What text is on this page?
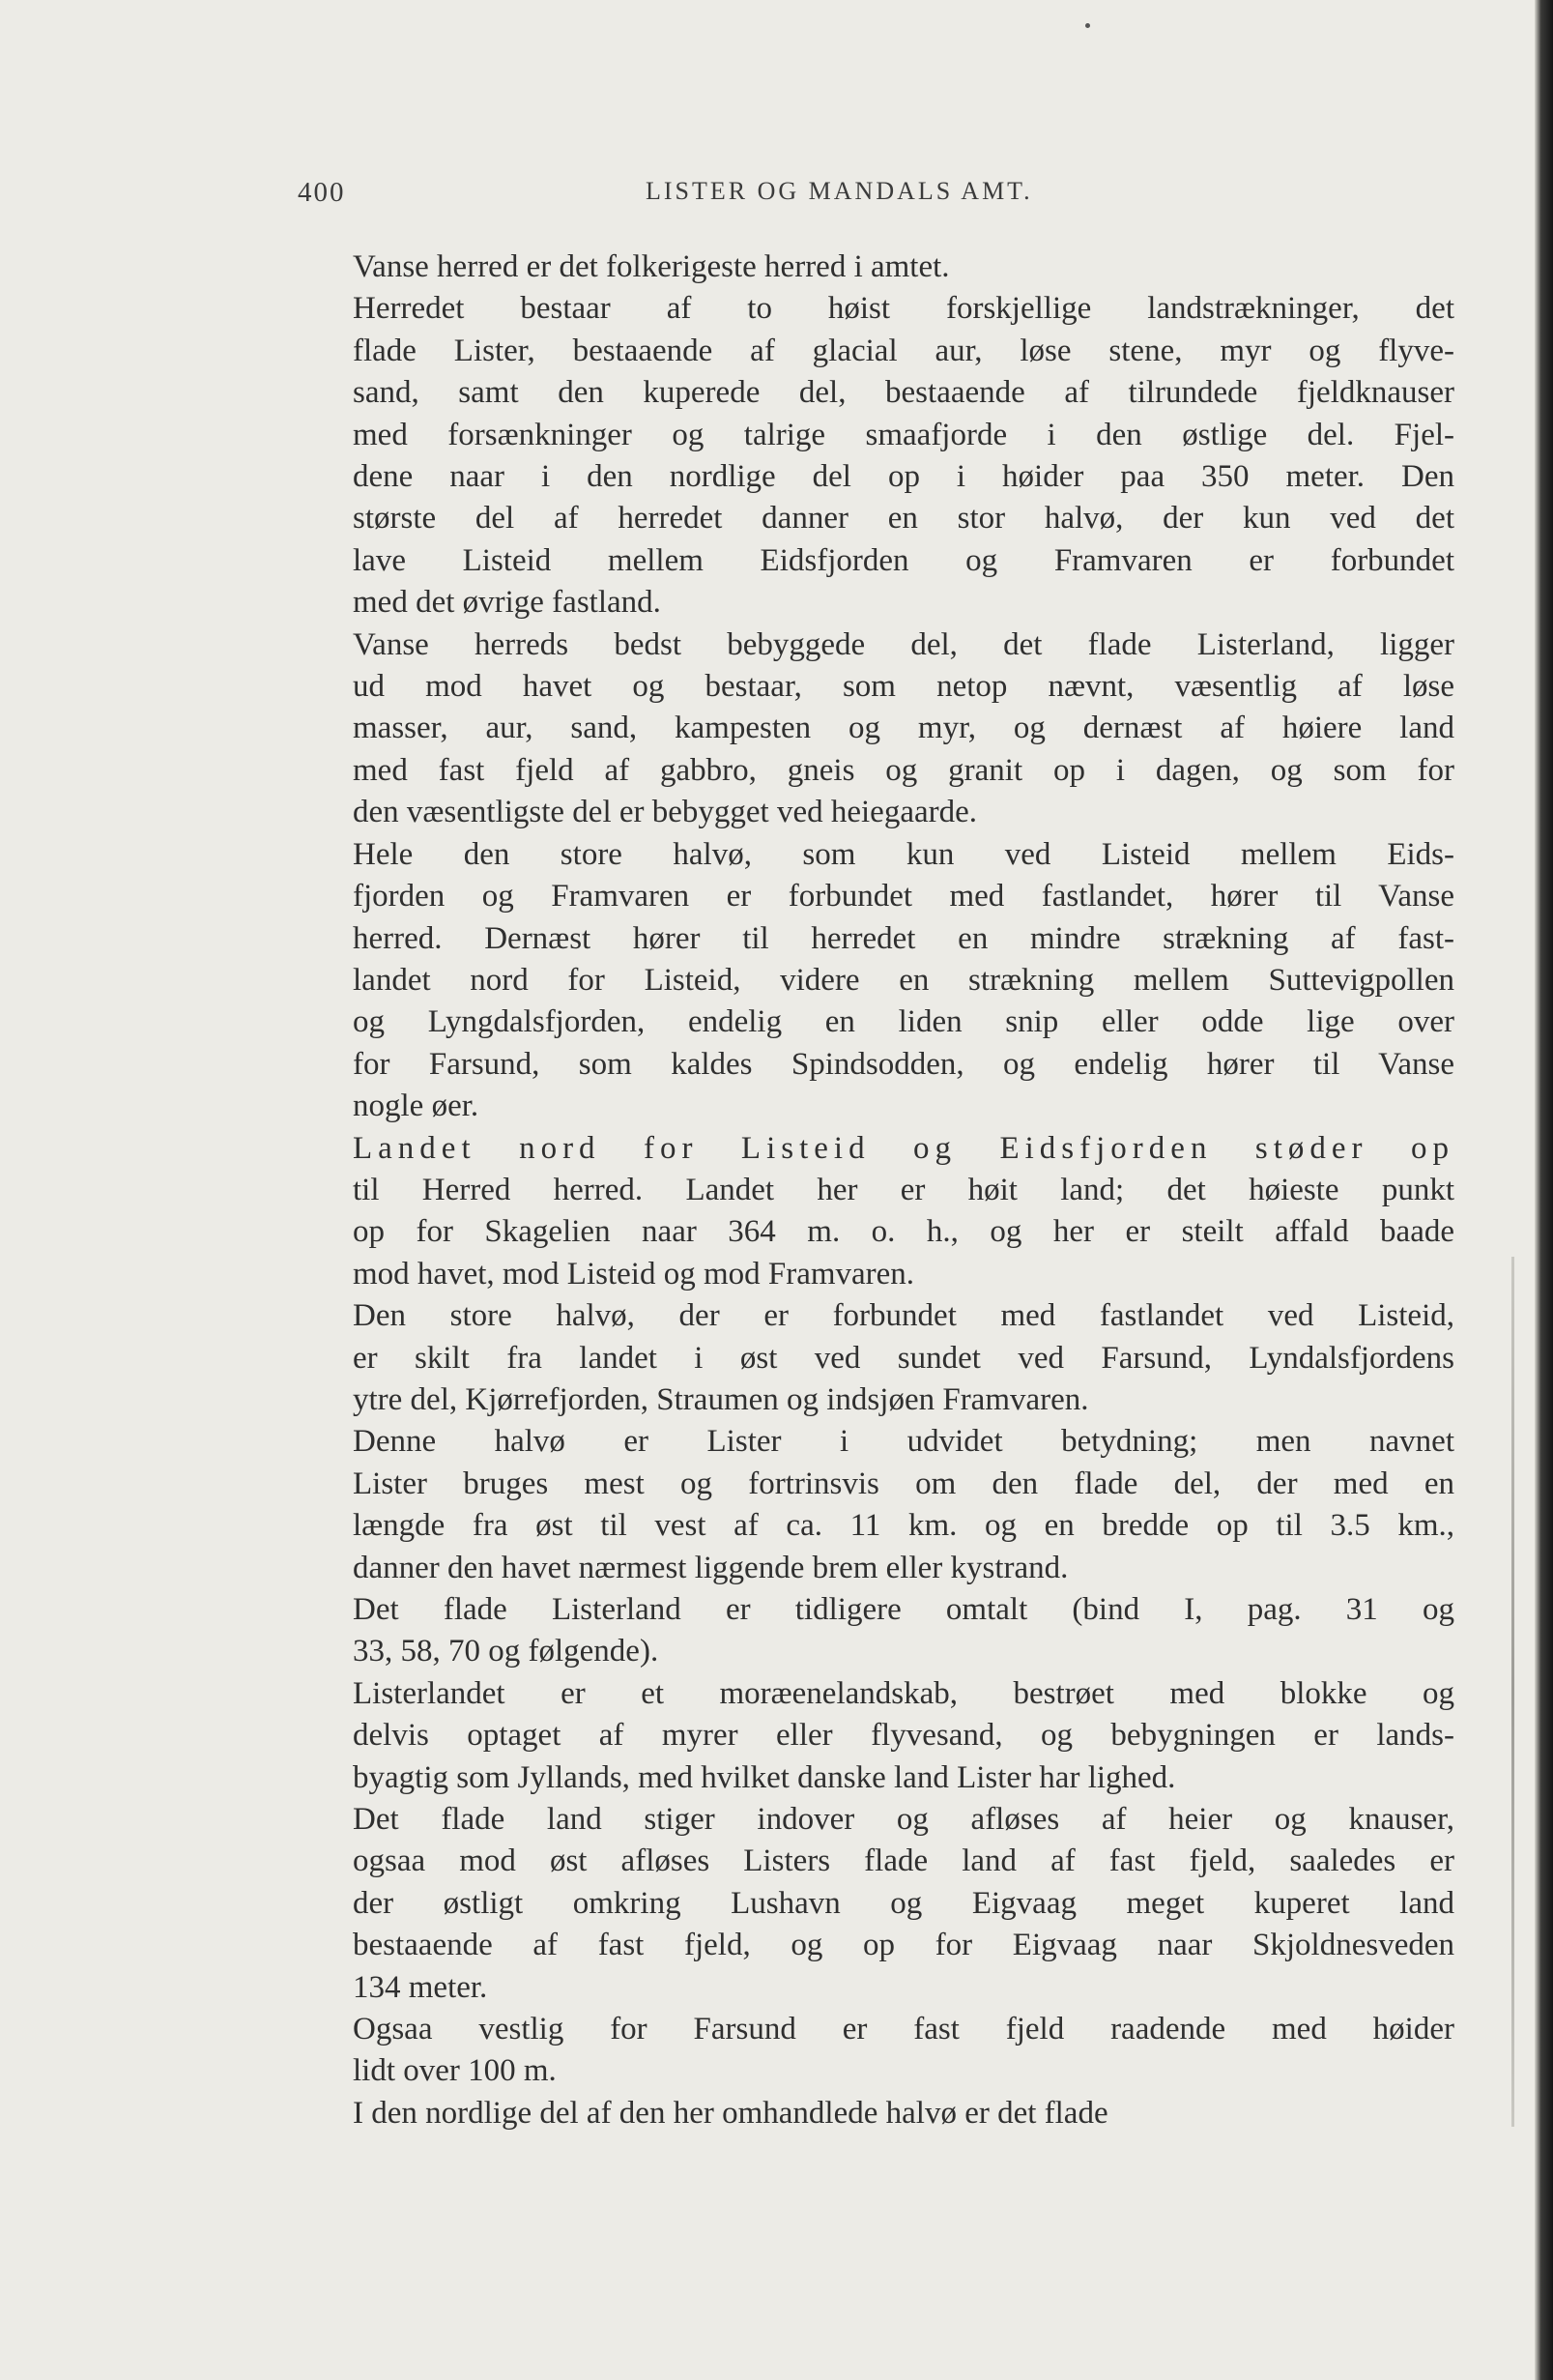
400	LISTER OG MANDALS AMT.

Vanse herred er det folkerigeste herred i amtet.

Herredet bestaar af to høist forskjellige landstrækninger, det
flade Lister, bestaaende af glacial aur, løse stene, myr og flyve-
sand, samt den kuperede del, bestaaende af tilrundede fjeldknauser
med forsænkninger og talrige smaafjorde i den østlige del. Fjel-
dene naar i den nordlige del op i høider paa 350 meter. Den
største del af herredet danner en stor halvø, der kun ved det
lave Listeid mellem Eidsfjorden og Framvaren er forbundet
med det øvrige fastland.

Vanse herreds bedst bebyggede del, det flade Listerland, ligger
ud mod havet og bestaar, som netop nævnt, væsentlig af løse
masser, aur, sand, kampesten og myr, og dernæst af høiere land
med fast fjeld af gabbro, gneis og granit op i dagen, og som for
den væsentligste del er bebygget ved heiegaarde.

Hele den store halvø, som kun ved Listeid mellem Eids-
fjorden og Framvaren er forbundet med fastlandet, hører til Vanse
herred. Dernæst hører til herredet en mindre strækning af fast-
landet nord for Listeid, videre en strækning mellem Suttevigpollen
og Lyngdalsfjorden, endelig en liden snip eller odde lige over
for Farsund, som kaldes Spindsodden, og endelig hører til Vanse
nogle øer.

Landet nord for Listeid og Eidsfjorden støder op
til Herred herred. Landet her er høit land; det høieste punkt
op for Skagelien naar 364 m. o. h., og her er steilt affald baade
mod havet, mod Listeid og mod Framvaren.

Den store halvø, der er forbundet med fastlandet ved Listeid,
er skilt fra landet i øst ved sundet ved Farsund, Lyndalsfjordens
ytre del, Kjørrefjorden, Straumen og indsjøen Framvaren.

Denne halvø er Lister i udvidet betydning; men navnet
Lister bruges mest og fortrinsvis om den flade del, der med en
længde fra øst til vest af ca. 11 km. og en bredde op til 3.5 km.,
danner den havet nærmest liggende brem eller kystrand.

Det flade Listerland er tidligere omtalt (bind I, pag. 31 og
33, 58, 70 og følgende).

Listerlandet er et moræenelandskab, bestrøet med blokke og
delvis optaget af myrer eller flyvesand, og bebygningen er lands-
byagtig som Jyllands, med hvilket danske land Lister har lighed.

Det flade land stiger indover og afløses af heier og knauser,
ogsaa mod øst afløses Listers flade land af fast fjeld, saaledes er
der østligt omkring Lushavn og Eigvaag meget kuperet land
bestaaende af fast fjeld, og op for Eigvaag naar Skjoldnesveden
134 meter.

Ogsaa vestlig for Farsund er fast fjeld raadende med høider
lidt over 100 m.

I den nordlige del af den her omhandlede halvø er det flade
